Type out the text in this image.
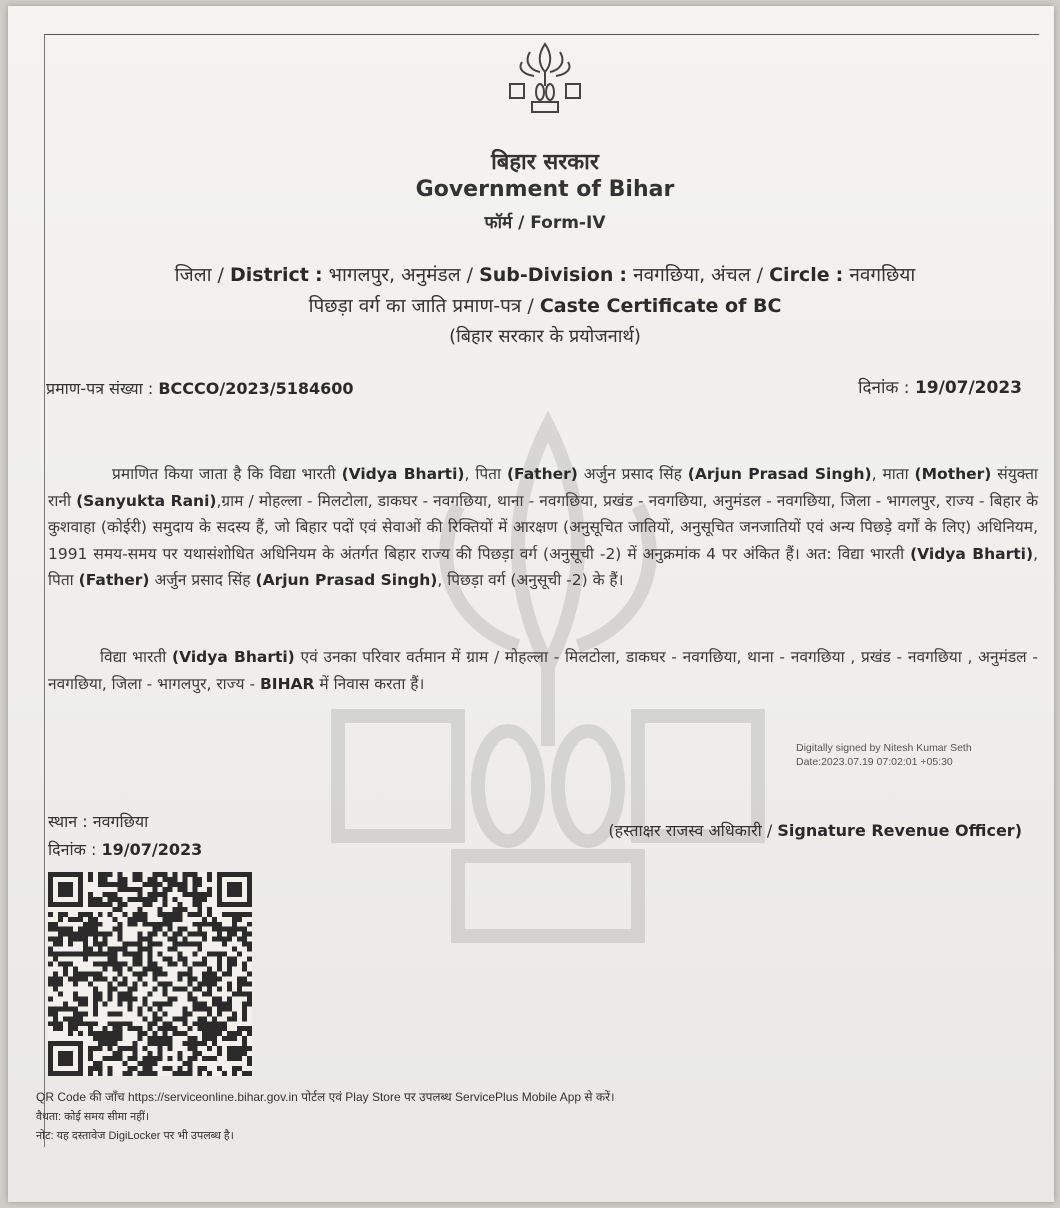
बिहार सरकार
Government of Bihar
फॉर्म / Form-IV
जिला / District : भागलपुर, अनुमंडल / Sub-Division : नवगछिया, अंचल / Circle : नवगछिया
पिछड़ा वर्ग का जाति प्रमाण-पत्र / Caste Certificate of BC
(बिहार सरकार के प्रयोजनार्थ)
प्रमाण-पत्र संख्या : BCCCO/2023/5184600	दिनांक : 19/07/2023
प्रमाणित किया जाता है कि विद्या भारती (Vidya Bharti), पिता (Father) अर्जुन प्रसाद सिंह (Arjun Prasad Singh), माता (Mother) संयुक्ता रानी (Sanyukta Rani),ग्राम / मोहल्ला - मिलटोला, डाकघर - नवगछिया, थाना - नवगछिया, प्रखंड - नवगछिया, अनुमंडल - नवगछिया, जिला - भागलपुर, राज्य - बिहार के कुशवाहा (कोईरी) समुदाय के सदस्य हैं, जो बिहार पदों एवं सेवाओं की रिक्तियों में आरक्षण (अनुसूचित जातियों, अनुसूचित जनजातियों एवं अन्य पिछड़े वर्गों के लिए) अधिनियम, 1991 समय-समय पर यथासंशोधित अधिनियम के अंतर्गत बिहार राज्य की पिछड़ा वर्ग (अनुसूची -2) में अनुक्रमांक 4 पर अंकित हैं। अत: विद्या भारती (Vidya Bharti), पिता (Father) अर्जुन प्रसाद सिंह (Arjun Prasad Singh), पिछड़ा वर्ग (अनुसूची -2) के हैं।
विद्या भारती (Vidya Bharti) एवं उनका परिवार वर्तमान में ग्राम / मोहल्ला - मिलटोला, डाकघर - नवगछिया, थाना - नवगछिया , प्रखंड - नवगछिया , अनुमंडल - नवगछिया, जिला - भागलपुर, राज्य - BIHAR में निवास करता हैं।
Digitally signed by Nitesh Kumar Seth
Date:2023.07.19 07:02:01 +05:30
स्थान : नवगछिया
दिनांक : 19/07/2023
(हस्ताक्षर राजस्व अधिकारी / Signature Revenue Officer)
QR Code की जाँच https://serviceonline.bihar.gov.in पोर्टल एवं Play Store पर उपलब्ध ServicePlus Mobile App से करें।
वैधता: कोई समय सीमा नहीं।
नोट: यह दस्तावेज DigiLocker पर भी उपलब्ध है।
